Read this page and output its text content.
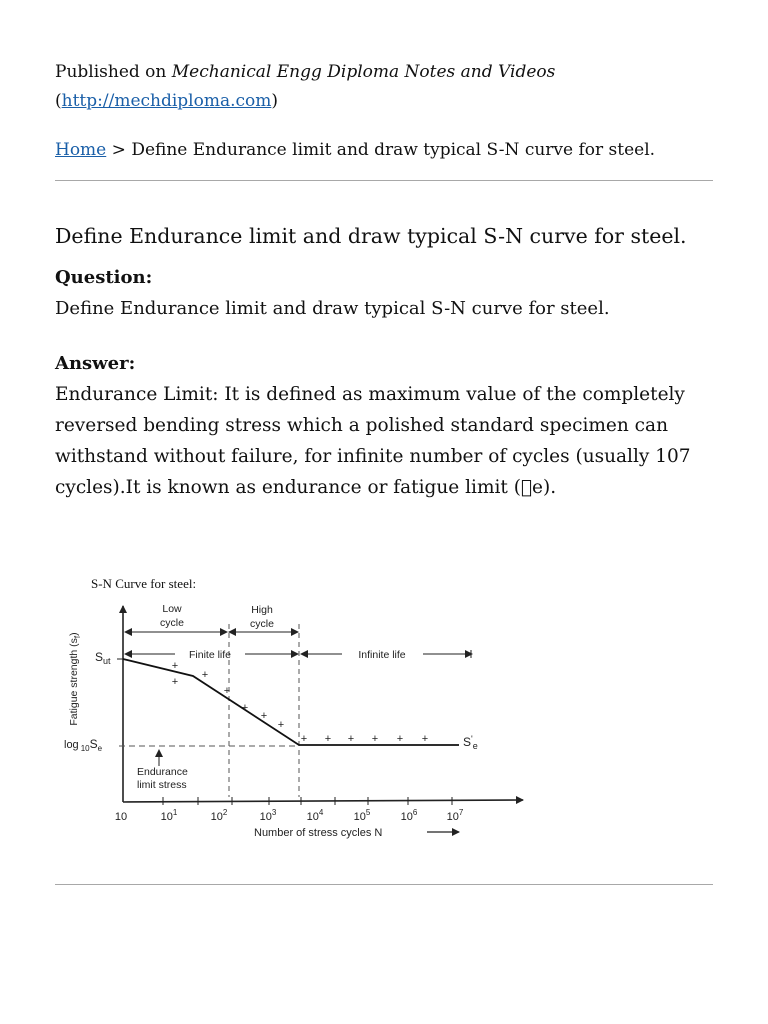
Published on Mechanical Engg Diploma Notes and Videos
(http://mechdiploma.com)
Home > Define Endurance limit and draw typical S-N curve for steel.
Define Endurance limit and draw typical S-N curve for steel.
Question:
Define Endurance limit and draw typical S-N curve for steel.
Answer:
Endurance Limit: It is defined as maximum value of the completely reversed bending stress which a polished standard specimen can withstand without failure, for infinite number of cycles (usually 107 cycles).It is known as endurance or fatigue limit ( e).
S-N Curve for steel:
Fatigue strength $(s_f)$
10	$10^1$	$10^2$	$10^3$	$10^4$	$10^5$	$10^6$	$10^7$
Number of stress cycles N
$S_{ut}$
$\log _{10}S_e$
Low
cycle
High
cycle
Finite life	Infinite life
+
+
+
+
+
+
+
+ + + + + +	$S'_e$
Endurance
limit stress
